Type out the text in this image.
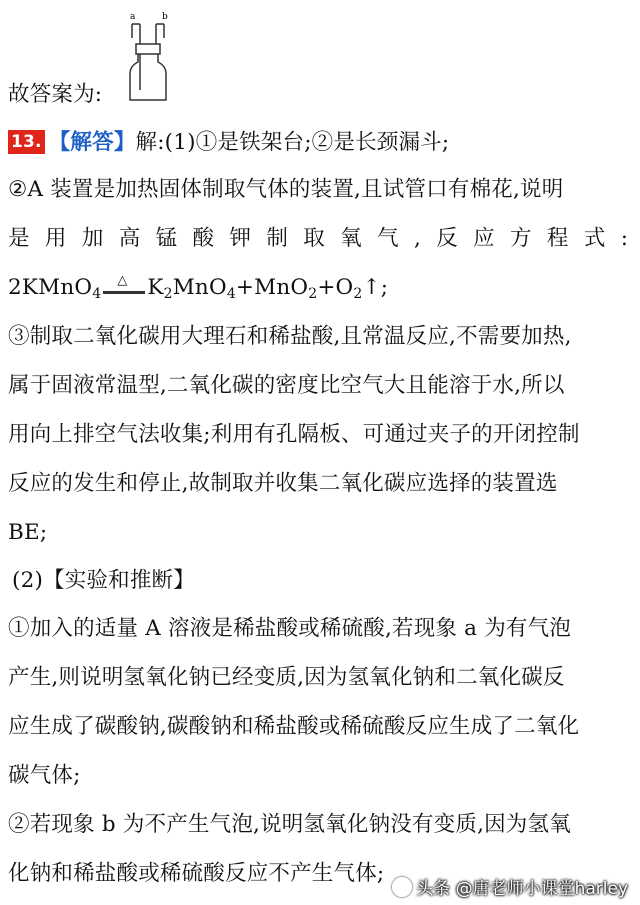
a	b
故答案为:
13. 【解答】解:(1)①是铁架台;②是长颈漏斗;
②A 装置是加热固体制取气体的装置,且试管口有棉花,说明
是 用 加 高 锰 酸 钾 制 取 氧 气 , 反 应 方 程 式 :
2KMnO$_4$
△ $K_2MnO_4+MnO_2+O_2↑$;
③制取二氧化碳用大理石和稀盐酸,且常温反应,不需要加热,
属于固液常温型,二氧化碳的密度比空气大且能溶于水,所以
用向上排空气法收集;利用有孔隔板、可通过夹子的开闭控制
反应的发生和停止,故制取并收集二氧化碳应选择的装置选
BE;
(2)【实验和推断】
①加入的适量 A 溶液是稀盐酸或稀硫酸,若现象 a 为有气泡
产生,则说明氢氧化钠已经变质,因为氢氧化钠和二氧化碳反
应生成了碳酸钠,碳酸钠和稀盐酸或稀硫酸反应生成了二氧化
碳气体;
②若现象 b 为不产生气泡,说明氢氧化钠没有变质,因为氢氧
化钠和稀盐酸或稀硫酸反应不产生气体;
头条 @唐老师小课堂harley
